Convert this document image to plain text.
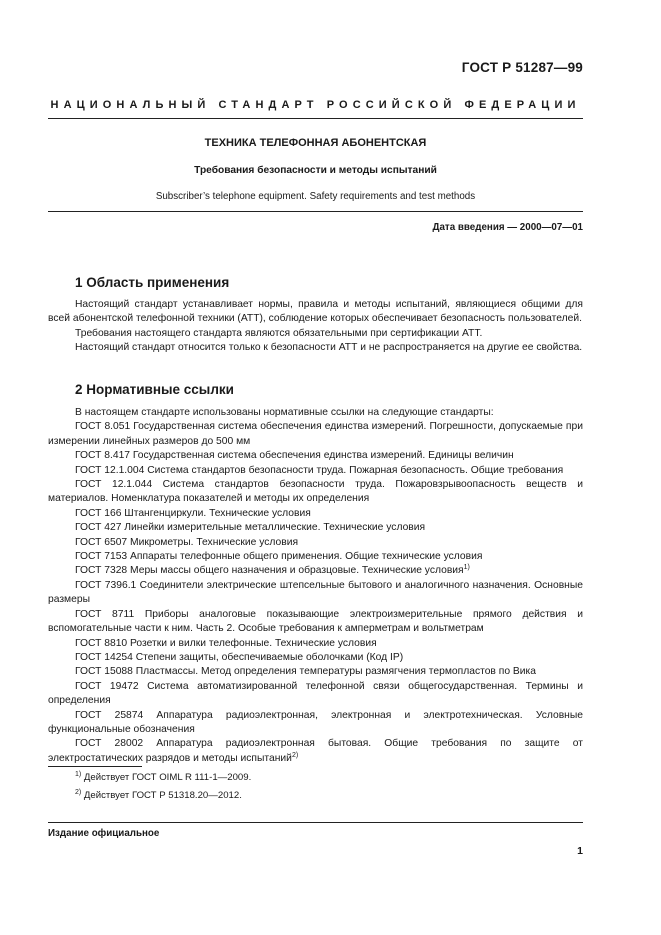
ГОСТ Р 51287—99
НАЦИОНАЛЬНЫЙ СТАНДАРТ РОССИЙСКОЙ ФЕДЕРАЦИИ
ТЕХНИКА ТЕЛЕФОННАЯ АБОНЕНТСКАЯ
Требования безопасности и методы испытаний
Subscriber’s telephone equipment. Safety requirements and test methods
Дата введения — 2000—07—01
1 Область применения

Настоящий стандарт устанавливает нормы, правила и методы испытаний, являющиеся общими для всей абонентской телефонной техники (АТТ), соблюдение которых обеспечивает безопасность пользователей.

Требования настоящего стандарта являются обязательными при сертификации АТТ.

Настоящий стандарт относится только к безопасности АТТ и не распространяется на другие ее свойства.

2 Нормативные ссылки

В настоящем стандарте использованы нормативные ссылки на следующие стандарты:

ГОСТ 8.051 Государственная система обеспечения единства измерений. Погрешности, допускаемые при измерении линейных размеров до 500 мм

ГОСТ 8.417 Государственная система обеспечения единства измерений. Единицы величин

ГОСТ 12.1.004 Система стандартов безопасности труда. Пожарная безопасность. Общие требования

ГОСТ 12.1.044 Система стандартов безопасности труда. Пожаровзрывоопасность веществ и материалов. Номенклатура показателей и методы их определения

ГОСТ 166 Штангенциркули. Технические условия

ГОСТ 427 Линейки измерительные металлические. Технические условия

ГОСТ 6507 Микрометры. Технические условия

ГОСТ 7153 Аппараты телефонные общего применения. Общие технические условия

ГОСТ 7328 Меры массы общего назначения и образцовые. Технические условия$^{1)}$

ГОСТ 7396.1 Соединители электрические штепсельные бытового и аналогичного назначения. Основные размеры

ГОСТ 8711 Приборы аналоговые показывающие электроизмерительные прямого действия и вспомогательные части к ним. Часть 2. Особые требования к амперметрам и вольтметрам

ГОСТ 8810 Розетки и вилки телефонные. Технические условия

ГОСТ 14254 Степени защиты, обеспечиваемые оболочками (Код IP)

ГОСТ 15088 Пластмассы. Метод определения температуры размягчения термопластов по Вика

ГОСТ 19472 Система автоматизированной телефонной связи общегосударственная. Термины и определения

ГОСТ 25874 Аппаратура радиоэлектронная, электронная и электротехническая. Условные функциональные обозначения

ГОСТ 28002 Аппаратура радиоэлектронная бытовая. Общие требования по защите от электростатических разрядов и методы испытаний$^{2)}$

$^{1)}$ Действует ГОСТ OIML R 111-1—2009.
$^{2)}$ Действует ГОСТ Р 51318.20—2012.
Издание официальное
1
